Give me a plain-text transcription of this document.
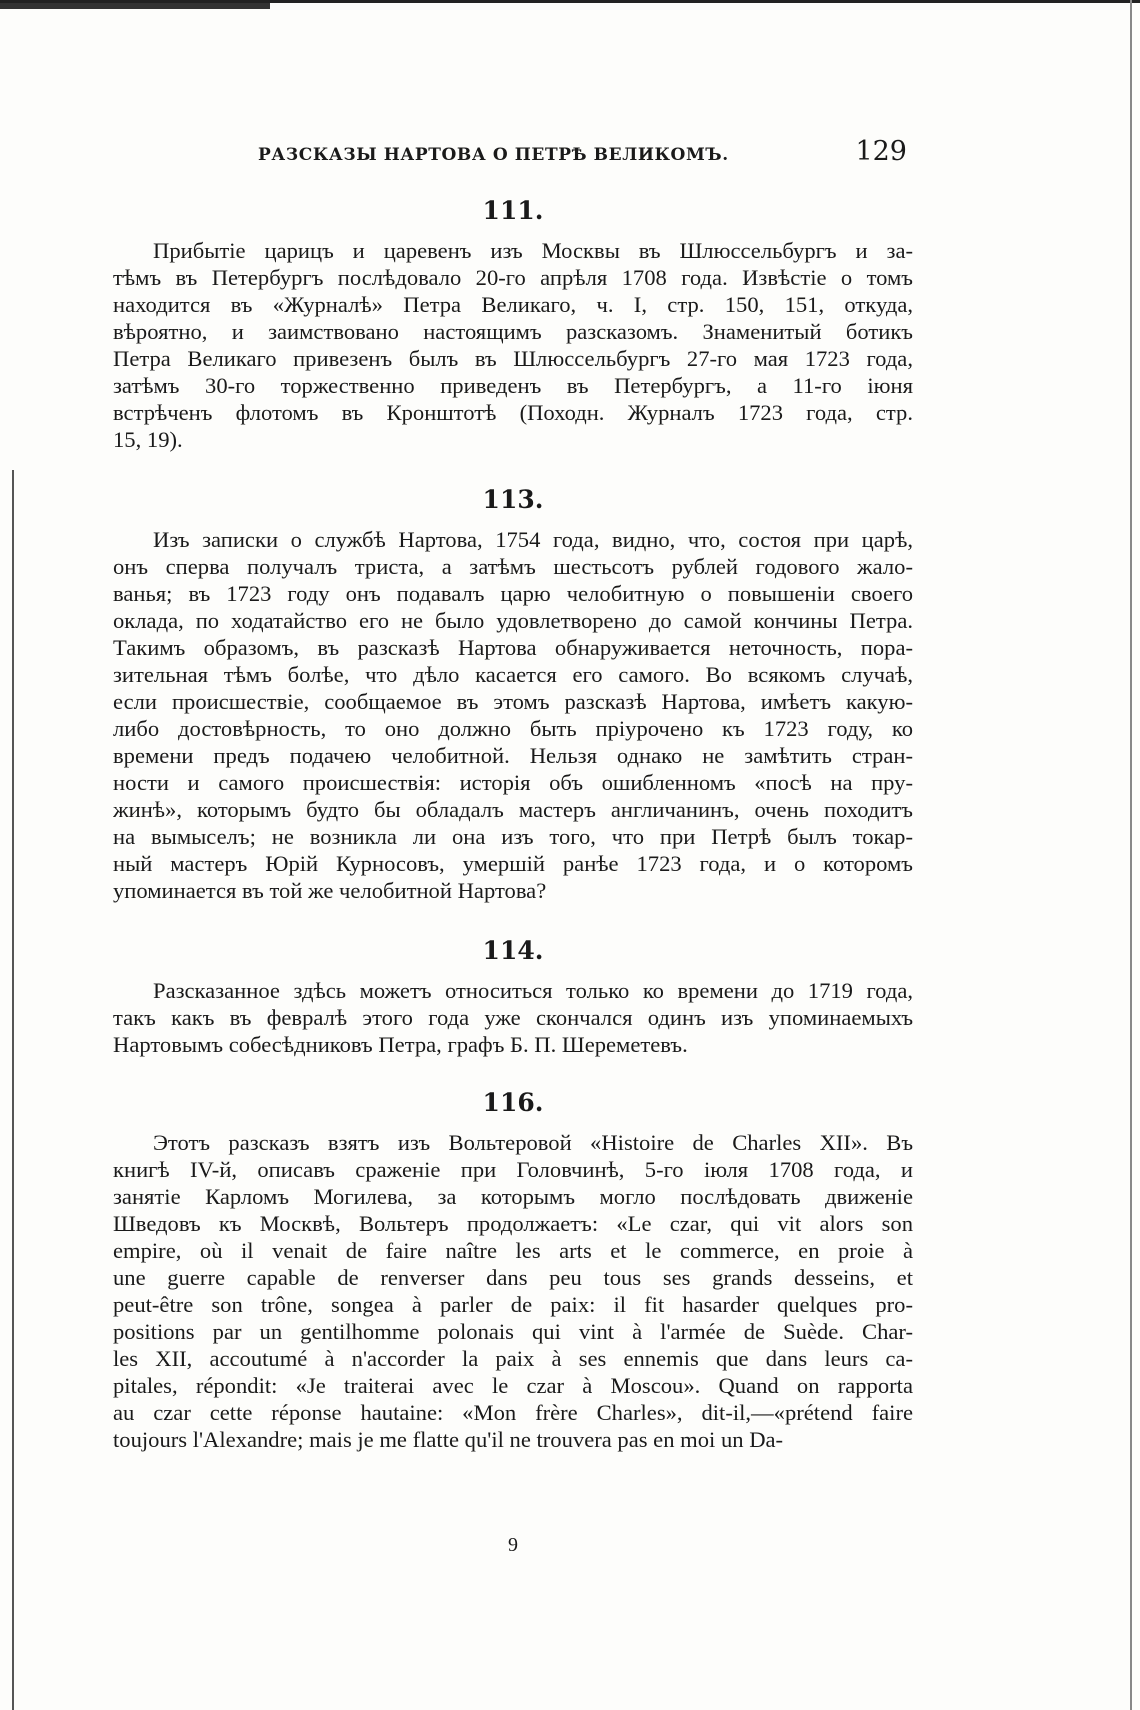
РАЗСКАЗЫ НАРТОВА О ПЕТРѢ ВЕЛИКОМЪ.	129
111.
Прибытіе царицъ и царевенъ изъ Москвы въ Шлюссельбургъ и за-
тѣмъ въ Петербургъ послѣдовало 20-го апрѣля 1708 года. Извѣстіе о томъ
находится въ «Журналѣ» Петра Великаго, ч. I, стр. 150, 151, откуда,
вѣроятно, и заимствовано настоящимъ разсказомъ. Знаменитый ботикъ
Петра Великаго привезенъ былъ въ Шлюссельбургъ 27-го мая 1723 года,
затѣмъ 30-го торжественно приведенъ въ Петербургъ, а 11-го іюня
встрѣченъ флотомъ въ Кронштотѣ (Походн. Журналъ 1723 года, стр.
15, 19).
113.
Изъ записки о службѣ Нартова, 1754 года, видно, что, состоя при царѣ,
онъ сперва получалъ триста, а затѣмъ шестьсотъ рублей годового жало-
ванья; въ 1723 году онъ подавалъ царю челобитную о повышеніи своего
оклада, по ходатайство его не было удовлетворено до самой кончины Петра.
Такимъ образомъ, въ разсказѣ Нартова обнаруживается неточность, пора-
зительная тѣмъ болѣе, что дѣло касается его самого. Во всякомъ случаѣ,
если происшествіе, сообщаемое въ этомъ разсказѣ Нартова, имѣетъ какую-
либо достовѣрность, то оно должно быть пріурочено къ 1723 году, ко
времени предъ подачею челобитной. Нельзя однако не замѣтить стран-
ности и самого происшествія: исторія объ ошибленномъ «посѣ на пру-
жинѣ», которымъ будто бы обладалъ мастеръ англичанинъ, очень походитъ
на вымыселъ; не возникла ли она изъ того, что при Петрѣ былъ токар-
ный мастеръ Юрій Курносовъ, умершій ранѣе 1723 года, и о которомъ
упоминается въ той же челобитной Нартова?
114.
Разсказанное здѣсь можетъ относиться только ко времени до 1719 года,
такъ какъ въ февралѣ этого года уже скончался одинъ изъ упоминаемыхъ
Нартовымъ собесѣдниковъ Петра, графъ Б. П. Шереметевъ.
116.
Этотъ разсказъ взятъ изъ Вольтеровой «Histoire de Charles XII». Въ
книгѣ IV-й, описавъ сраженіе при Головчинѣ, 5-го іюля 1708 года, и
занятіе Карломъ Могилева, за которымъ могло послѣдовать движеніе
Шведовъ къ Москвѣ, Вольтеръ продолжаетъ: «Le czar, qui vit alors son
empire, où il venait de faire naître les arts et le commerce, en proie à
une guerre capable de renverser dans peu tous ses grands desseins, et
peut-être son trône, songea à parler de paix: il fit hasarder quelques pro-
positions par un gentilhomme polonais qui vint à l'armée de Suède. Char-
les XII, accoutumé à n'accorder la paix à ses ennemis que dans leurs ca-
pitales, répondit: «Je traiterai avec le czar à Moscou». Quand on rapporta
au czar cette réponse hautaine: «Mon frère Charles», dit-il,—«prétend faire
toujours l'Alexandre; mais je me flatte qu'il ne trouvera pas en moi un Da-
9
